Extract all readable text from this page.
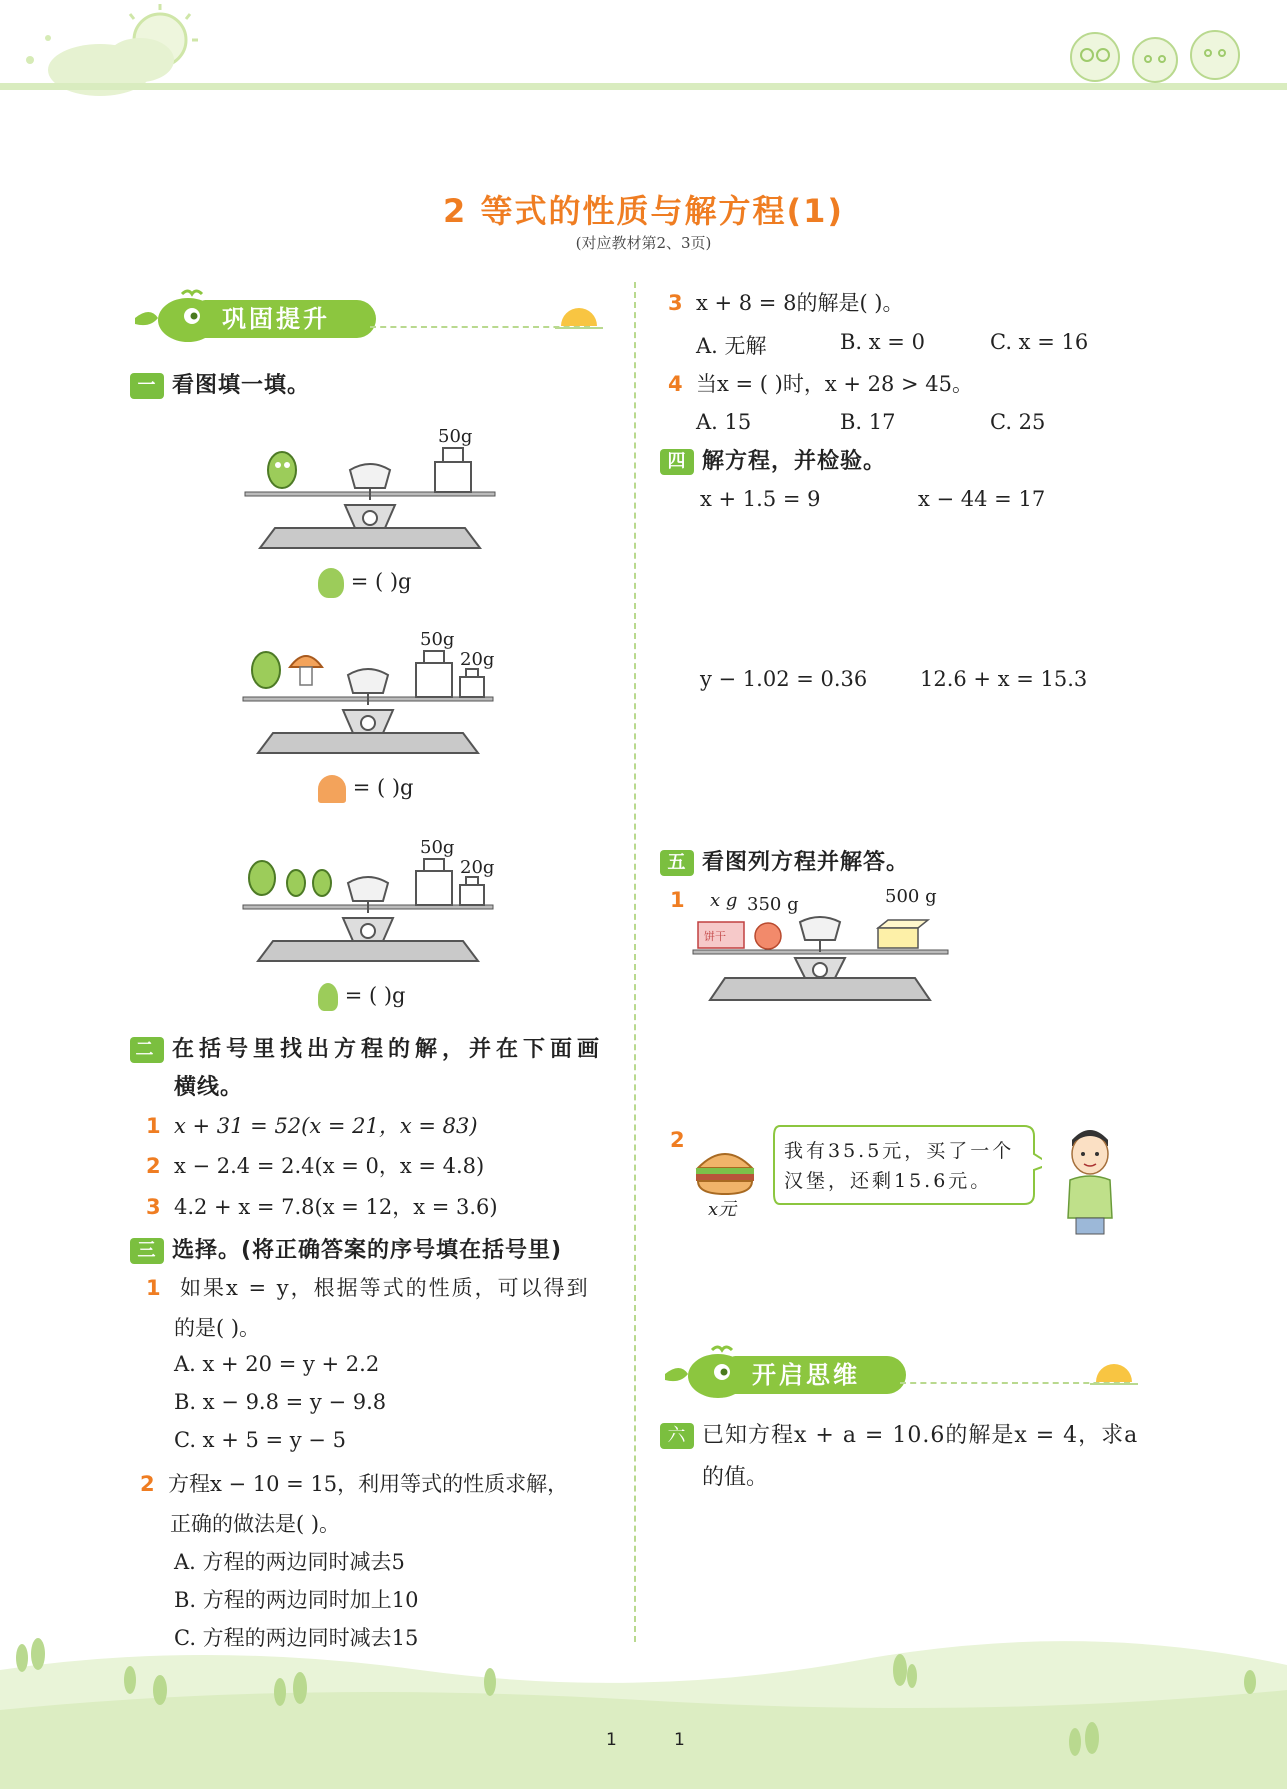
2 等式的性质与解方程(1)
(对应教材第2、3页)
巩固提升
一 看图填一填。
50g
= ( )g
50g
20g
= ( )g
50g
20g
= ( )g
二 在括号里找出方程的解，并在下面画
横线。
1 x + 31 = 52(x = 21，x = 83)
2 x − 2.4 = 2.4(x = 0，x = 4.8)
3 4.2 + x = 7.8(x = 12，x = 3.6)
三 选择。(将正确答案的序号填在括号里)
1 如果x = y，根据等式的性质，可以得到
的是( )。
A. x + 20 = y + 2.2
B. x − 9.8 = y − 9.8
C. x + 5 = y − 5
2 方程x − 10 = 15，利用等式的性质求解，
正确的做法是( )。
A. 方程的两边同时减去5
B. 方程的两边同时加上10
C. 方程的两边同时减去15
3 x + 8 = 8的解是( )。
A. 无解	B. x = 0	C. x = 16
4 当x = ( )时，x + 28 > 45。
A. 15	B. 17	C. 25
四 解方程，并检验。
x + 1.5 = 9	x − 44 = 17
y − 1.02 = 0.36	12.6 + x = 15.3
五 看图列方程并解答。
1 x g 350 g	500 g
饼干
2
x元
我有35.5元，买了一个
汉堡，还剩15.6元。
开启思维
六 已知方程x + a = 10.6的解是x = 4，求a
的值。
1	1
